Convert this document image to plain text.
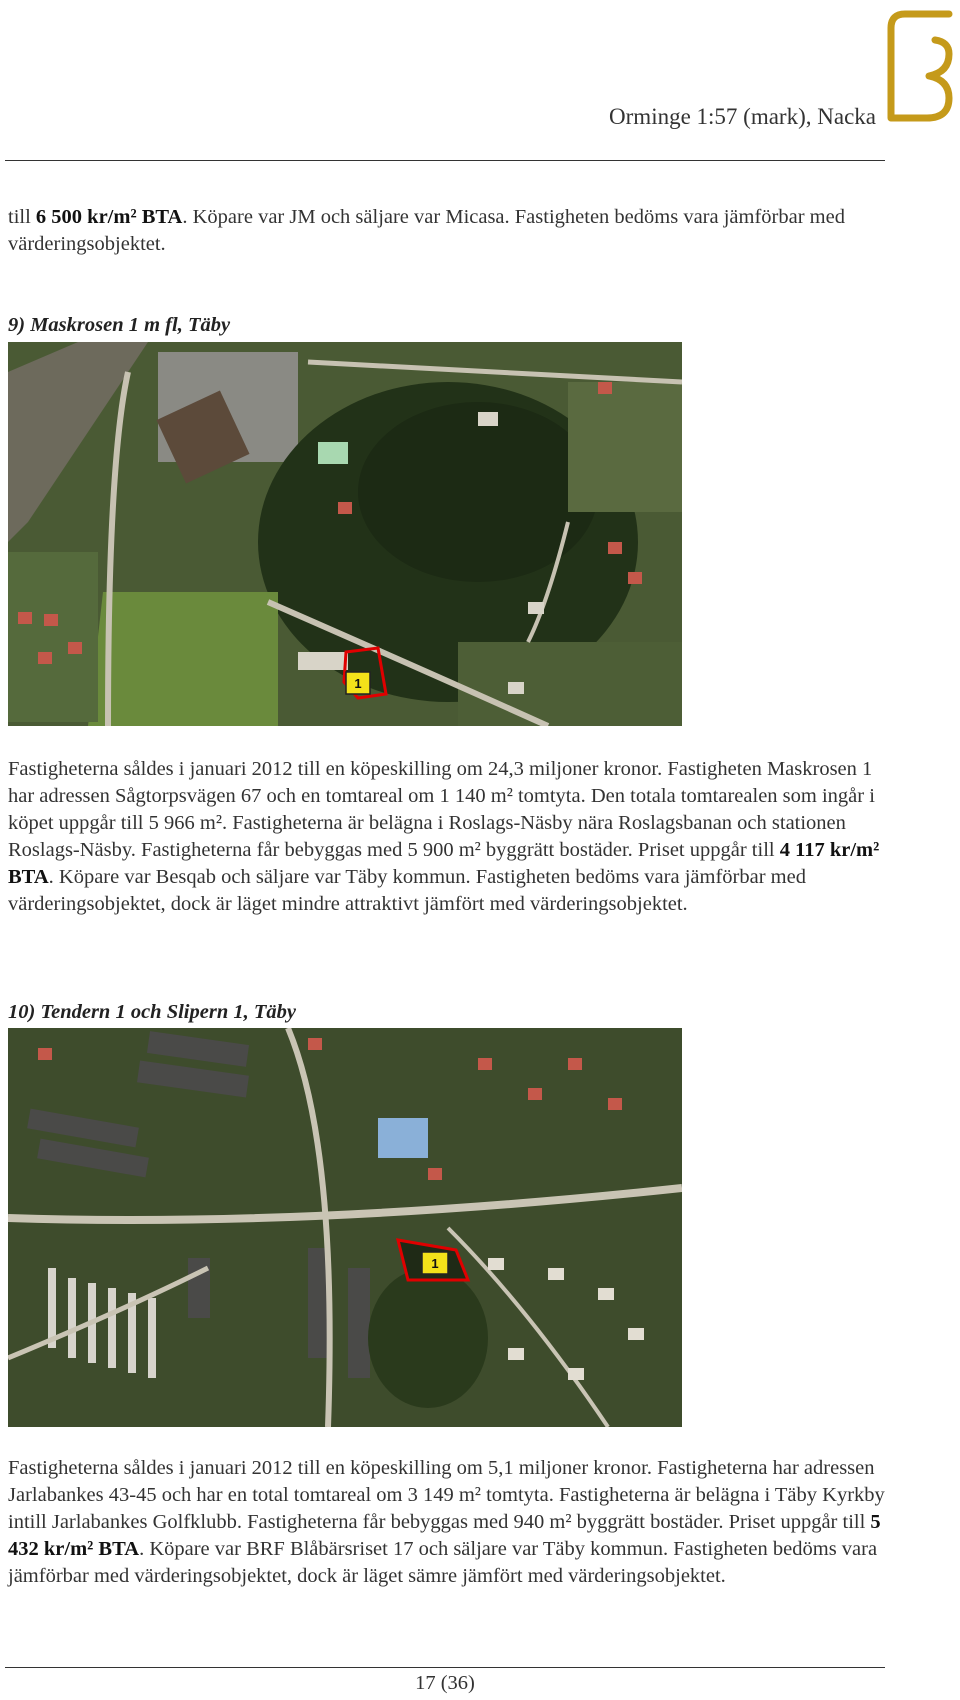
Orminge 1:57 (mark), Nacka

till 6 500 kr/m² BTA. Köpare var JM och säljare var Micasa. Fastigheten bedöms vara jämförbar med värderingsobjektet.

9) Maskrosen 1 m fl, Täby
1

Fastigheterna såldes i januari 2012 till en köpeskilling om 24,3 miljoner kronor. Fastigheten Maskrosen 1 har adressen Sågtorpsvägen 67 och en tomtareal om 1 140 m² tomtyta. Den totala tomtarealen som ingår i köpet uppgår till 5 966 m². Fastigheterna är belägna i Roslags-Näsby nära Roslagsbanan och stationen Roslags-Näsby. Fastigheterna får bebyggas med 5 900 m² byggrätt bostäder. Priset uppgår till 4 117 kr/m² BTA. Köpare var Besqab och säljare var Täby kommun. Fastigheten bedöms vara jämförbar med värderingsobjektet, dock är läget mindre attraktivt jämfört med värderingsobjektet.

10) Tendern 1 och Slipern 1, Täby
1

Fastigheterna såldes i januari 2012 till en köpeskilling om 5,1 miljoner kronor. Fastigheterna har adressen Jarlabankes 43-45 och har en total tomtareal om 3 149 m² tomtyta. Fastigheterna är belägna i Täby Kyrkby intill Jarlabankes Golfklubb. Fastigheterna får bebyggas med 940 m² byggrätt bostäder. Priset uppgår till 5 432 kr/m² BTA. Köpare var BRF Blåbärsriset 17 och säljare var Täby kommun. Fastigheten bedöms vara jämförbar med värderingsobjektet, dock är läget sämre jämfört med värderingsobjektet.

17 (36)
